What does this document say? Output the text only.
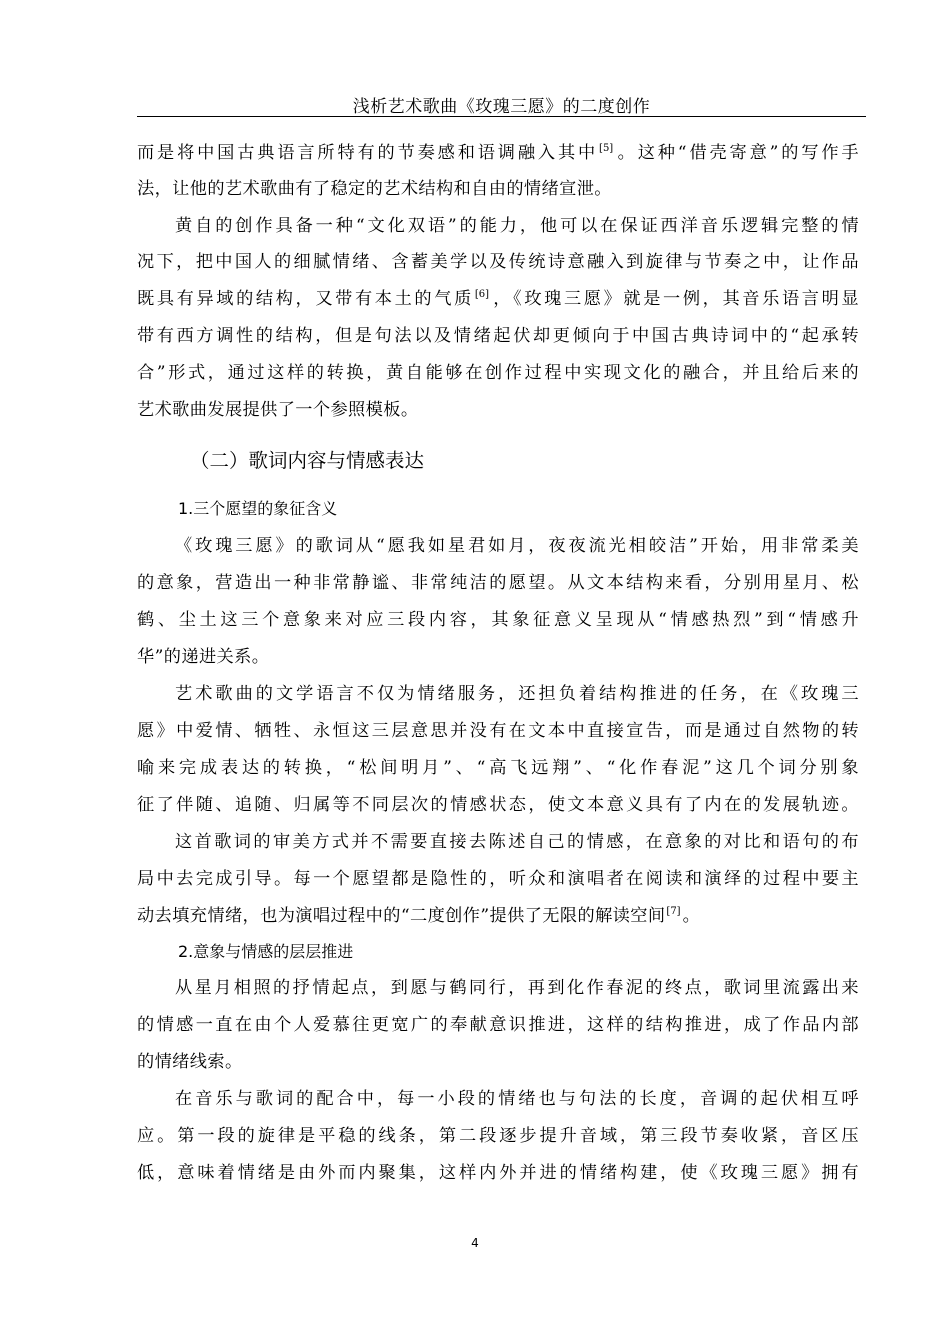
浅析艺术歌曲《玫瑰三愿》的二度创作
而是将中国古典语言所特有的节奏感和语调融入其中[5] 。这种“借壳寄意”的写作手
法，让他的艺术歌曲有了稳定的艺术结构和自由的情绪宣泄。
黄自的创作具备一种“文化双语”的能力，他可以在保证西洋音乐逻辑完整的情
况下，把中国人的细腻情绪、含蓄美学以及传统诗意融入到旋律与节奏之中，让作品
既具有异域的结构，又带有本土的气质[6] ，《玫瑰三愿》就是一例，其音乐语言明显
带有西方调性的结构，但是句法以及情绪起伏却更倾向于中国古典诗词中的“起承转
合”形式，通过这样的转换，黄自能够在创作过程中实现文化的融合，并且给后来的
艺术歌曲发展提供了一个参照模板。
（二）歌词内容与情感表达
1.三个愿望的象征含义
《玫瑰三愿》的歌词从“愿我如星君如月，夜夜流光相皎洁”开始，用非常柔美
的意象，营造出一种非常静谧、非常纯洁的愿望。从文本结构来看，分别用星月、松
鹤、尘土这三个意象来对应三段内容，其象征意义呈现从“情感热烈”到“情感升
华”的递进关系。
艺术歌曲的文学语言不仅为情绪服务，还担负着结构推进的任务，在《玫瑰三
愿》中爱情、牺牲、永恒这三层意思并没有在文本中直接宣告，而是通过自然物的转
喻来完成表达的转换，“松间明月”、“高飞远翔”、“化作春泥”这几个词分别象
征了伴随、追随、归属等不同层次的情感状态，使文本意义具有了内在的发展轨迹。
这首歌词的审美方式并不需要直接去陈述自己的情感，在意象的对比和语句的布
局中去完成引导。每一个愿望都是隐性的，听众和演唱者在阅读和演绎的过程中要主
动去填充情绪，也为演唱过程中的“二度创作”提供了无限的解读空间[7] 。
2.意象与情感的层层推进
从星月相照的抒情起点，到愿与鹤同行，再到化作春泥的终点，歌词里流露出来
的情感一直在由个人爱慕往更宽广的奉献意识推进，这样的结构推进，成了作品内部
的情绪线索。
在音乐与歌词的配合中，每一小段的情绪也与句法的长度，音调的起伏相互呼
应。第一段的旋律是平稳的线条，第二段逐步提升音域，第三段节奏收紧，音区压
低，意味着情绪是由外而内聚集，这样内外并进的情绪构建，使《玫瑰三愿》拥有
4
